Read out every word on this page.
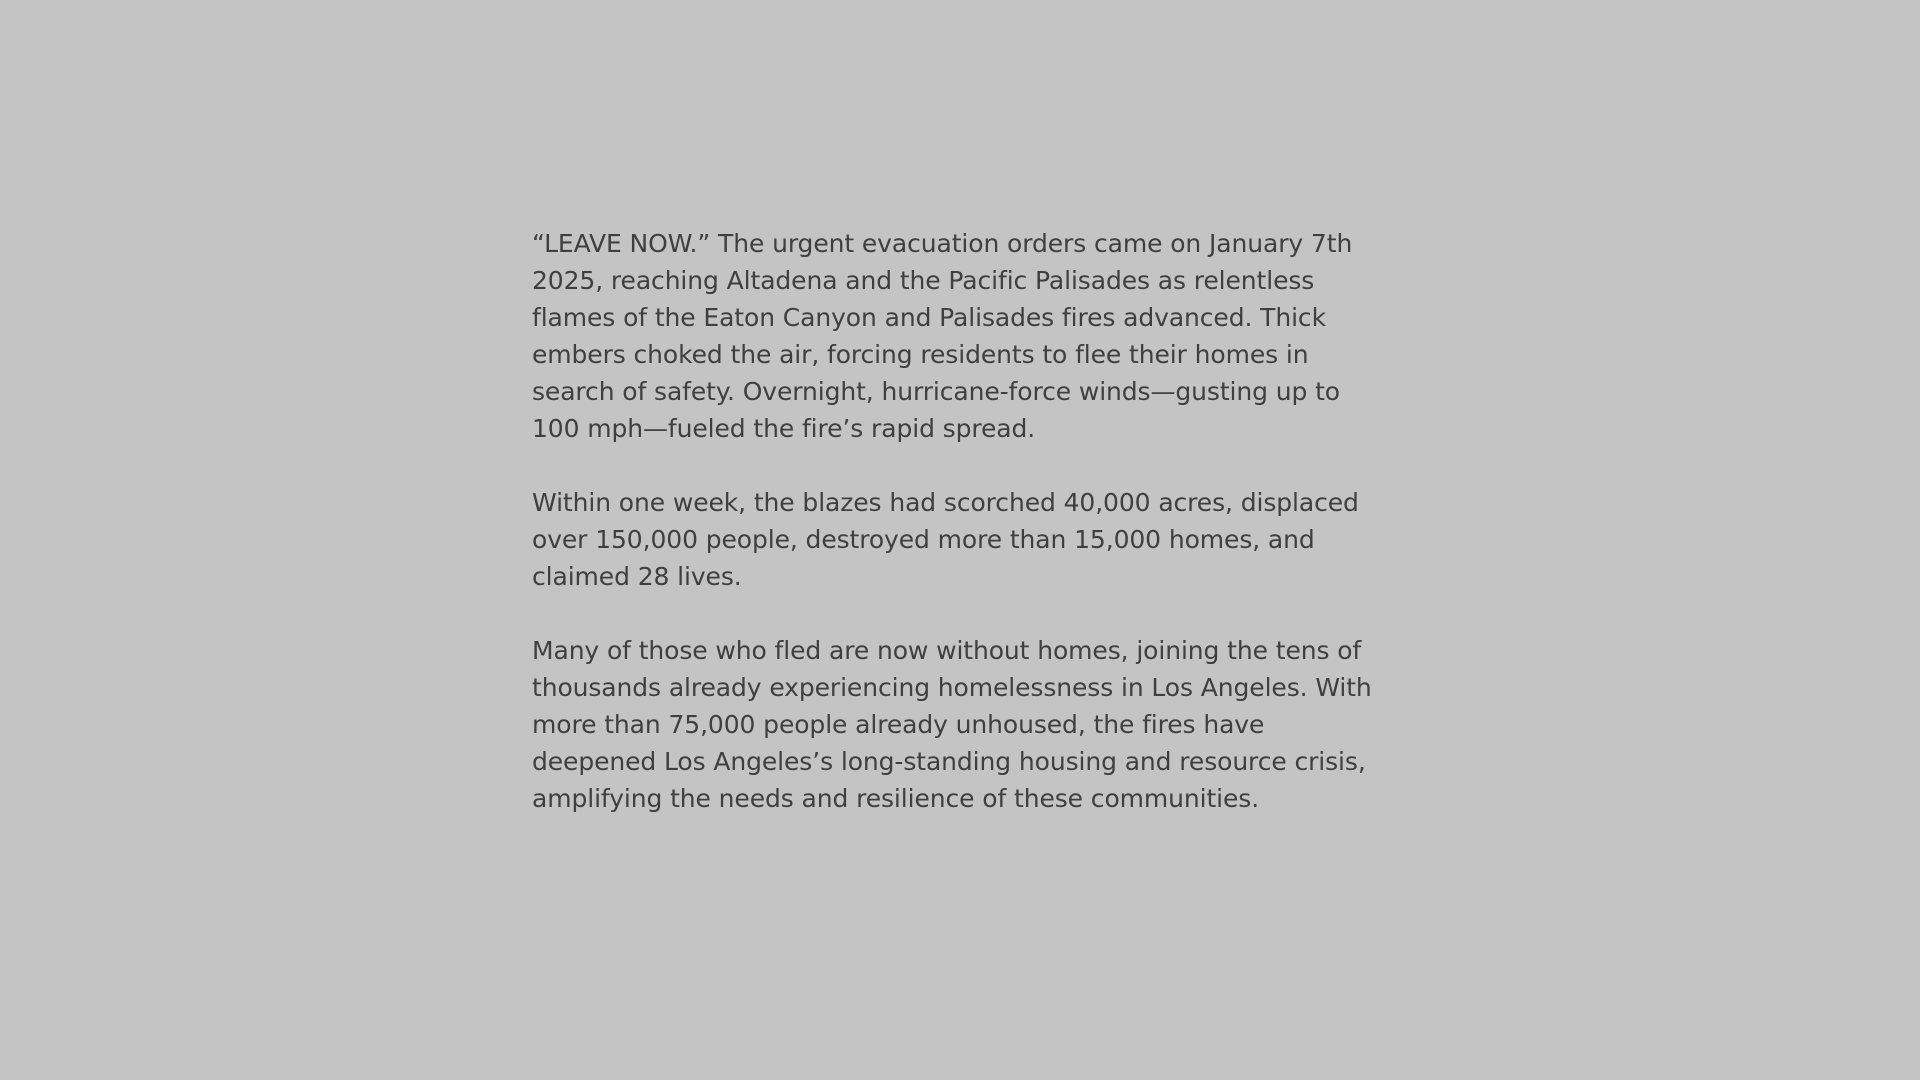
“LEAVE NOW.” The urgent evacuation orders came on January 7th 2025, reaching Altadena and the Pacific Palisades as relentless flames of the Eaton Canyon and Palisades fires advanced. Thick embers choked the air, forcing residents to flee their homes in search of safety. Overnight, hurricane-force winds—gusting up to 100 mph—fueled the fire’s rapid spread.

Within one week, the blazes had scorched 40,000 acres, displaced over 150,000 people, destroyed more than 15,000 homes, and claimed 28 lives.

Many of those who fled are now without homes, joining the tens of thousands already experiencing homelessness in Los Angeles. With more than 75,000 people already unhoused, the fires have deepened Los Angeles’s long-standing housing and resource crisis, amplifying the needs and resilience of these communities.
